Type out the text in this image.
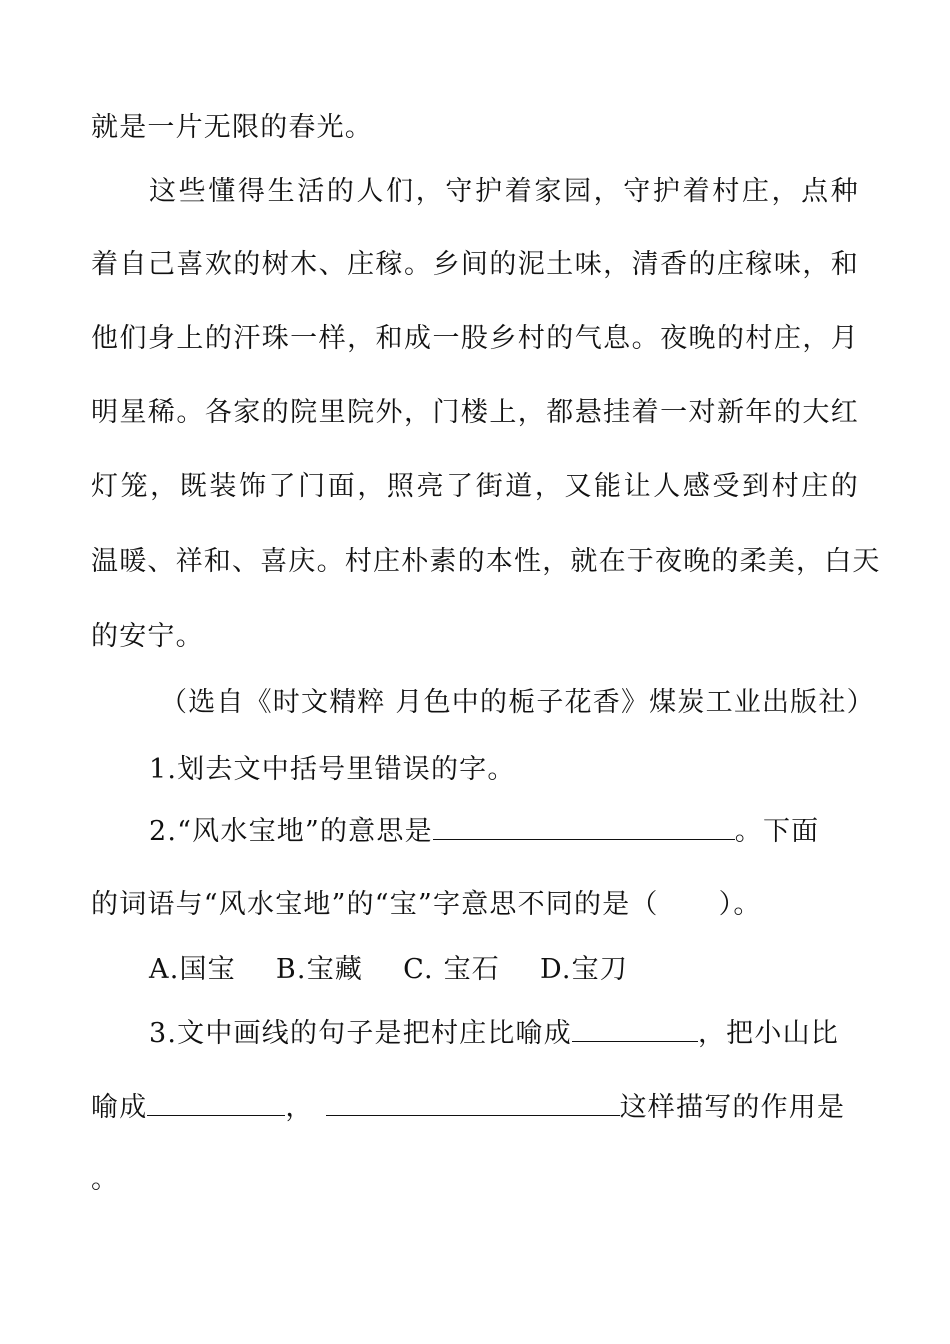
就是一片无限的春光。
这些懂得生活的人们，守护着家园，守护着村庄，点种
着自己喜欢的树木、庄稼。乡间的泥土味，清香的庄稼味，和
他们身上的汗珠一样，和成一股乡村的气息。夜晚的村庄，月
明星稀。各家的院里院外，门楼上，都悬挂着一对新年的大红
灯笼，既装饰了门面，照亮了街道，又能让人感受到村庄的
温暖、祥和、喜庆。村庄朴素的本性，就在于夜晚的柔美，白天
的安宁。
（选自《时文精粹 月色中的栀子花香》煤炭工业出版社）
1.划去文中括号里错误的字。
2.“风水宝地”的意思是	。下面
的词语与“风水宝地”的“宝”字意思不同的是（ ）。
A.国宝 B.宝藏 C. 宝石 D.宝刀
3.文中画线的句子是把村庄比喻成	，把小山比
喻成	，	这样描写的作用是
。
